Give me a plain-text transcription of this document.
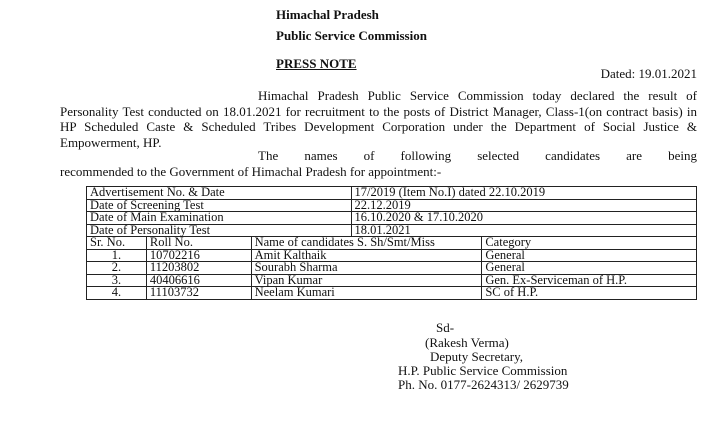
Himachal Pradesh
Public Service Commission
PRESS NOTE
Dated: 19.01.2021
Himachal Pradesh Public Service Commission today declared the result of Personality Test conducted on 18.01.2021 for recruitment to the posts of District Manager, Class-1(on contract basis) in HP Scheduled Caste & Scheduled Tribes Development Corporation under the Department of Social Justice & Empowerment, HP.
The names of following selected candidates are being
recommended to the Government of Himachal Pradesh for appointment:-
Advertisement No. & Date			17/2019 (Item No.I) dated 22.10.2019	
Date of Screening Test			22.12.2019	
Date of Main Examination			16.10.2020 & 17.10.2020	
Date of Personality Test			18.01.2021	
Sr. No.	Roll No.	Name of candidates S. Sh/Smt/Miss		Category
1.	10702216	Amit Kalthaik		General
2.	11203802	Sourabh Sharma		General
3.	40406616	Vipan Kumar		Gen. Ex-Serviceman of H.P.
4.	11103732	Neelam Kumari		SC of H.P.
Sd-
(Rakesh Verma)
Deputy Secretary,
H.P. Public Service Commission
Ph. No. 0177-2624313/ 2629739
